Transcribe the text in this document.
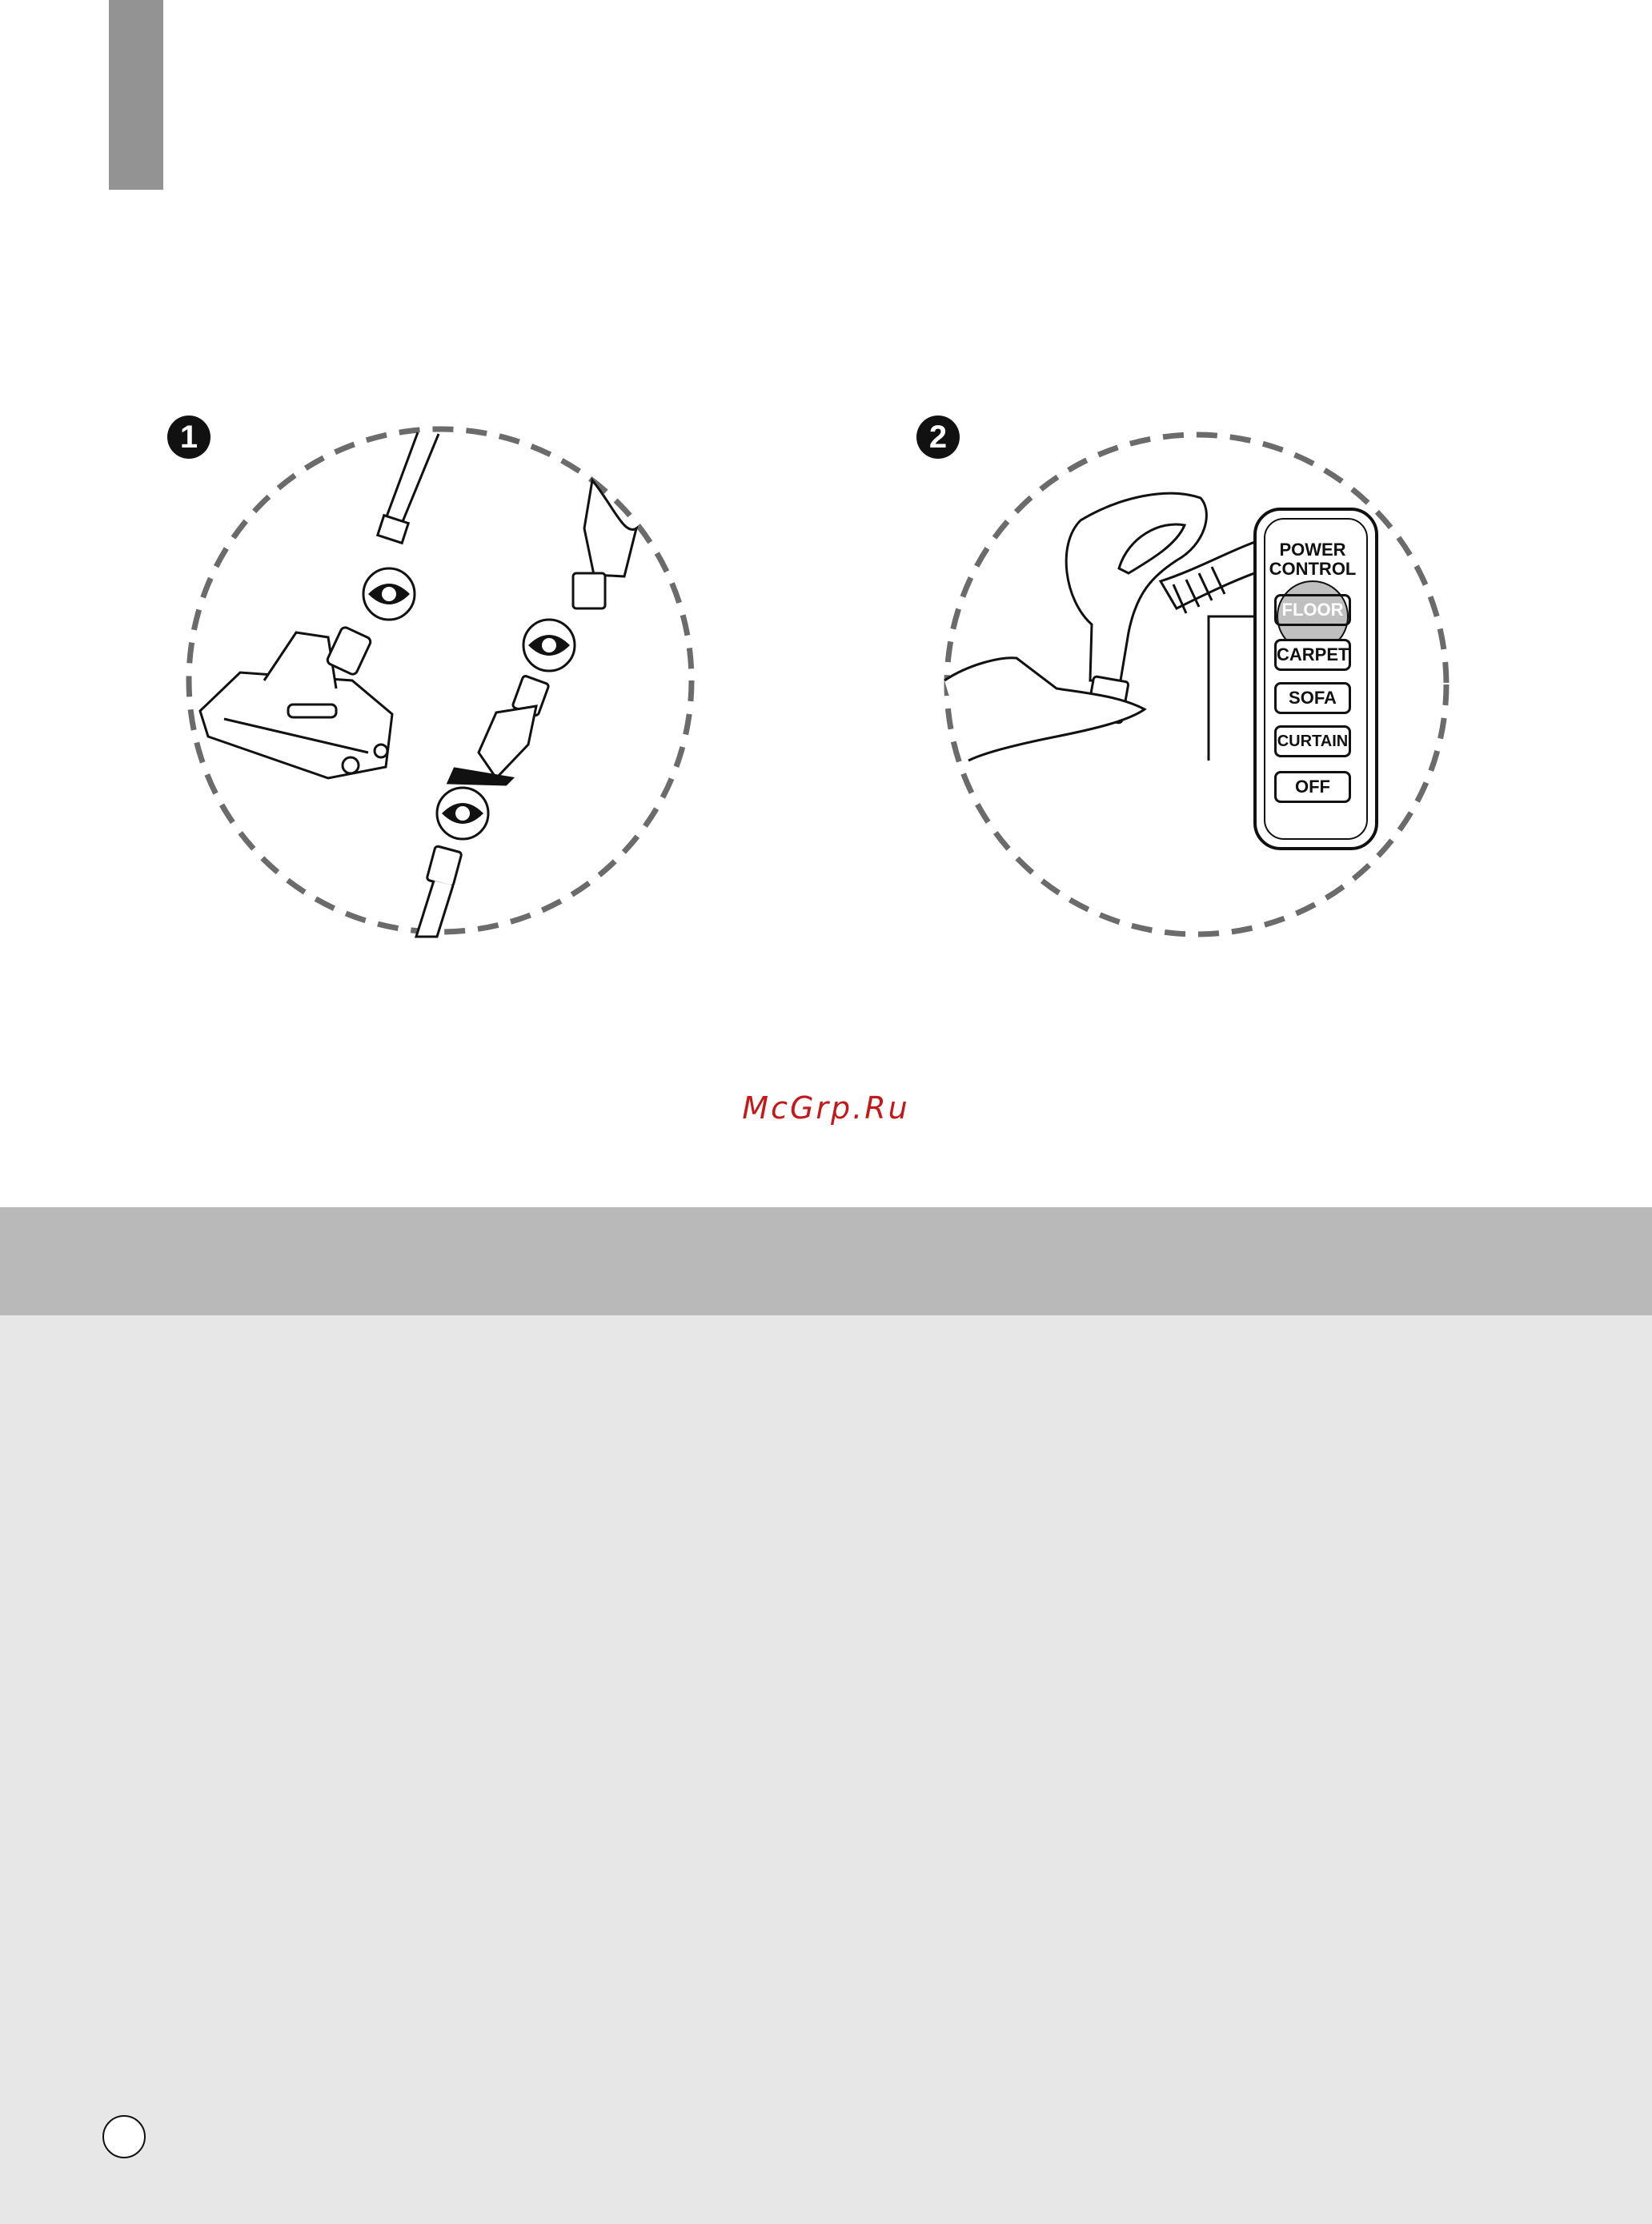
1	2
POWER
CONTROL
FLOOR
CARPET
SOFA
CURTAIN
OFF
McGrp.Ru
